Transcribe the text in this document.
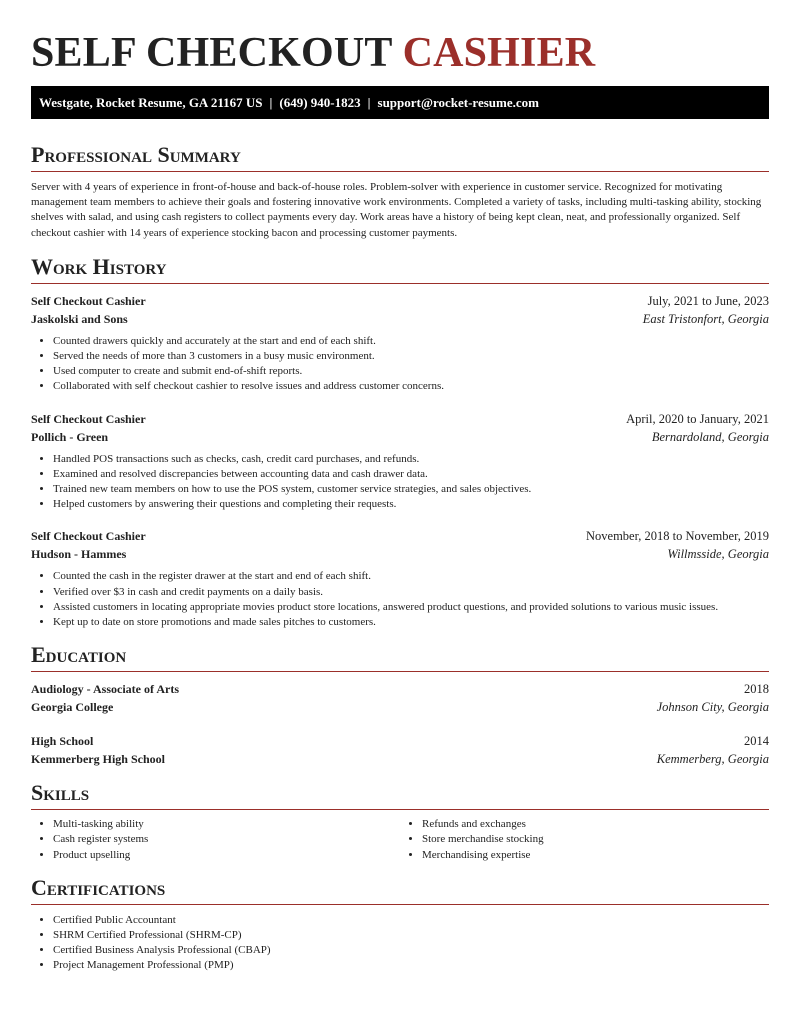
SELF CHECKOUT CASHIER
Westgate, Rocket Resume, GA 21167 US | (649) 940-1823 | support@rocket-resume.com
Professional Summary

Server with 4 years of experience in front-of-house and back-of-house roles. Problem-solver with experience in customer service. Recognized for motivating management team members to achieve their goals and fostering innovative work environments. Completed a variety of tasks, including multi-tasking ability, stocking shelves with salad, and using cash registers to collect payments every day. Work areas have a history of being kept clean, neat, and professionally organized. Self checkout cashier with 14 years of experience stocking bacon and processing customer payments.

Work History
Self Checkout Cashier	July, 2021 to June, 2023
Jaskolski and Sons	East Tristonfort, Georgia
• Counted drawers quickly and accurately at the start and end of each shift.
• Served the needs of more than 3 customers in a busy music environment.
• Used computer to create and submit end-of-shift reports.
• Collaborated with self checkout cashier to resolve issues and address customer concerns.
Self Checkout Cashier	April, 2020 to January, 2021
Pollich - Green	Bernardoland, Georgia
• Handled POS transactions such as checks, cash, credit card purchases, and refunds.
• Examined and resolved discrepancies between accounting data and cash drawer data.
• Trained new team members on how to use the POS system, customer service strategies, and sales objectives.
• Helped customers by answering their questions and completing their requests.
Self Checkout Cashier	November, 2018 to November, 2019
Hudson - Hammes	Willmsside, Georgia
• Counted the cash in the register drawer at the start and end of each shift.
• Verified over $3 in cash and credit payments on a daily basis.
• Assisted customers in locating appropriate movies product store locations, answered product questions, and provided solutions to various music issues.
• Kept up to date on store promotions and made sales pitches to customers.
Education
Audiology - Associate of Arts	2018
Georgia College	Johnson City, Georgia
High School	2014
Kemmerberg High School	Kemmerberg, Georgia
Skills
• Multi-tasking ability
• Cash register systems
• Product upselling
• Refunds and exchanges
• Store merchandise stocking
• Merchandising expertise
Certifications
• Certified Public Accountant
• SHRM Certified Professional (SHRM-CP)
• Certified Business Analysis Professional (CBAP)
• Project Management Professional (PMP)
